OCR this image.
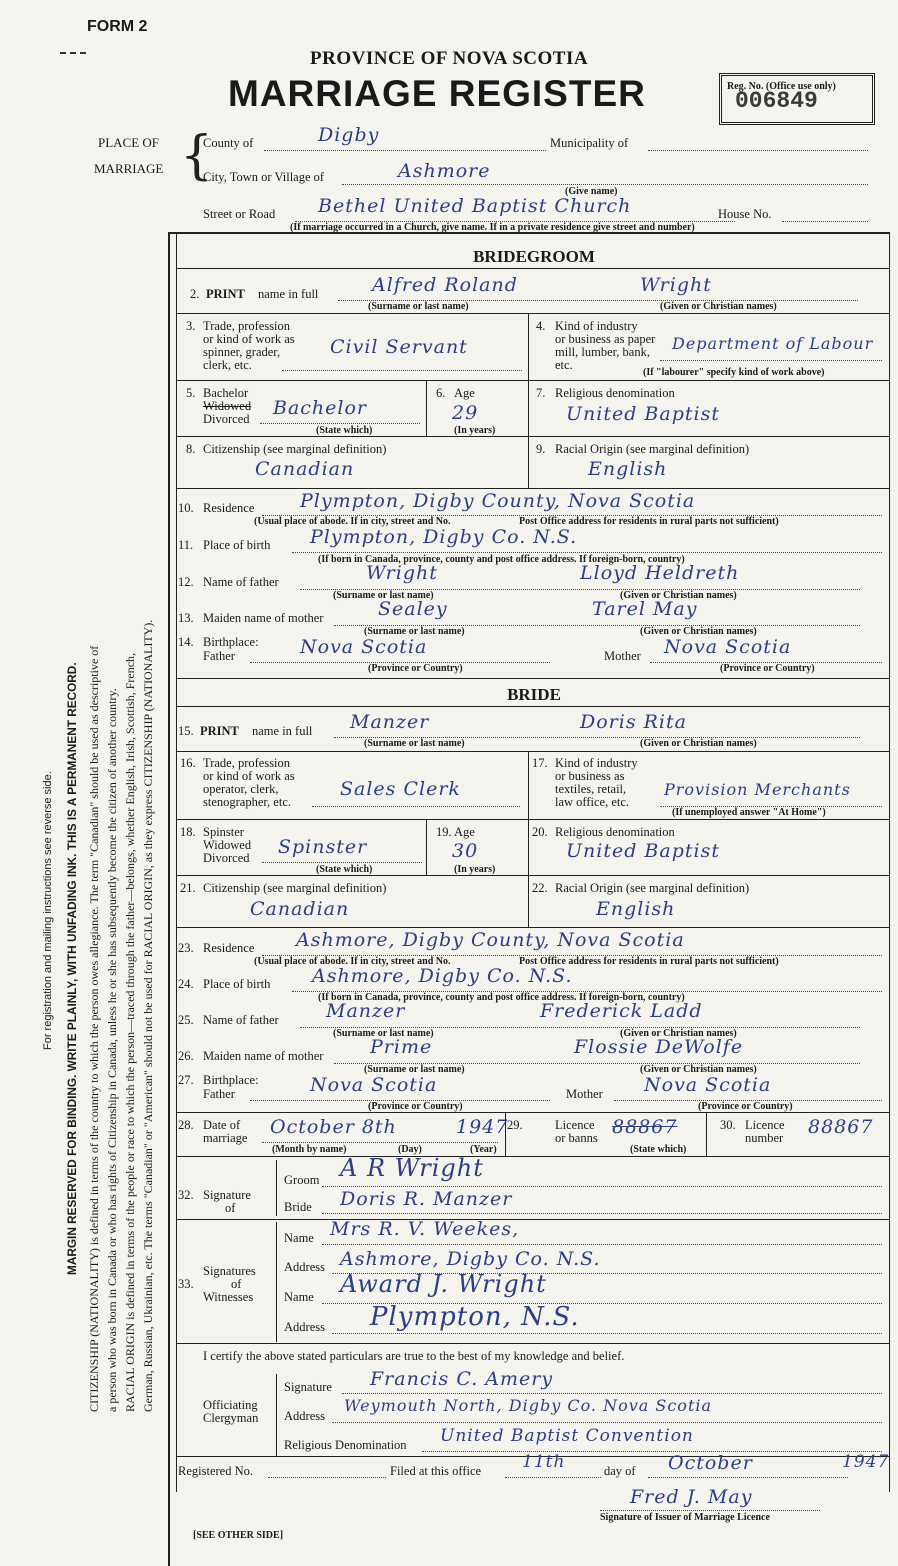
FORM 2
PROVINCE OF NOVA SCOTIA
MARRIAGE REGISTER	Reg. No. (Office use only)
006849
PLACE OF
MARRIAGE {
County of	Digby	Municipality of
City, Town or Village of	Ashmore
(Give name)
Street or Road Bethel United Baptist Church	House No.
(If marriage occurred in a Church, give name. If in a private residence give street and number)
MARGIN RESERVED FOR BINDING. WRITE PLAINLY, WITH UNFADING INK. THIS IS A PERMANENT RECORD.
For registration and mailing instructions see reverse side.	CITIZENSHIP (NATIONALITY) is defined in terms of the country to which the person owes allegiance. The term "Canadian" should be used as descriptive of a person who was born in Canada or who has rights of Citizenship in Canada, unless he or she has subsequently become the citizen of another country. RACIAL ORIGIN is defined in terms of the people or race to which the person—traced through the father—belongs, whether English, Irish, Scottish, French, German, Russian, Ukrainian, etc. The terms "Canadian" or "American" should not be used for RACIAL ORIGIN, as they express CITIZENSHIP (NATIONALITY).
BRIDEGROOM
2. PRINT name in full	Alfred Roland	Wright
(Surname or last name)	(Given or Christian names)
3. Trade, profession
or kind of work as
spinner, grader,
clerk, etc.
Civil Servant
4. Kind of industry
or business as paper
mill, lumber, bank,
etc.
Department of Labour
(If "labourer" specify kind of work above)
5. Bachelor
Widowed
Divorced Bachelor
(State which)
6. Age
29
(In years)
7. Religious denomination
United Baptist
8. Citizenship (see marginal definition)
Canadian
9. Racial Origin (see marginal definition)
English
10. Residence Plympton, Digby County, Nova Scotia
(Usual place of abode. If in city, street and No.	Post Office address for residents in rural parts not sufficient)
11. Place of birth Plympton, Digby Co. N.S.
(If born in Canada, province, county and post office address. If foreign-born, country)
12. Name of father	Wright	Lloyd Heldreth
(Surname or last name)	(Given or Christian names)
13. Maiden name of mother	Sealey	Tarel May
(Surname or last name)	(Given or Christian names)
14. Birthplace:
Father	Nova Scotia	Mother Nova Scotia
(Province or Country)	(Province or Country)
BRIDE
15. PRINT name in full Manzer	Doris Rita
(Surname or last name)	(Given or Christian names)
16. Trade, profession
or kind of work as
operator, clerk,
stenographer, etc.
Sales Clerk
17. Kind of industry
or business as
textiles, retail,
law office, etc.
Provision Merchants
(If unemployed answer "At Home")
18. Spinster
Widowed
Divorced Spinster
(State which)
19. Age
30
(In years)
20. Religious denomination
United Baptist
21. Citizenship (see marginal definition)
Canadian
22. Racial Origin (see marginal definition)
English
23. Residence Ashmore, Digby County, Nova Scotia
(Usual place of abode. If in city, street and No.	Post Office address for residents in rural parts not sufficient)
24. Place of birth Ashmore, Digby Co. N.S.
(If born in Canada, province, county and post office address. If foreign-born, country)
25. Name of father Manzer	Frederick Ladd
(Surname or last name)	(Given or Christian names)
26. Maiden name of mother Prime	Flossie DeWolfe
(Surname or last name)	(Given or Christian names)
27. Birthplace:
Father	Nova Scotia	Mother Nova Scotia
(Province or Country)	(Province or Country)
28. Date of
marriage October 8th	1947
(Month by name)	(Day)	(Year)
29.	Licence
or banns 88867
(State which)
30. Licence
number 88867
32. Signature
of
Groom A R Wright
Bride Doris R. Manzer
33.
Signatures
of
Witnesses
Name Mrs R. V. Weekes,
Address Ashmore, Digby Co. N.S.
Name Award J. Wright
Address Plympton, N.S.
I certify the above stated particulars are true to the best of my knowledge and belief.
Officiating
Clergyman
Signature Francis C. Amery
Address
Weymouth North, Digby Co. Nova Scotia
Religious Denomination United Baptist Convention
Registered No.	Filed at this office 11th	day of October	1947
Fred J. May
Signature of Issuer of Marriage Licence
[SEE OTHER SIDE]
